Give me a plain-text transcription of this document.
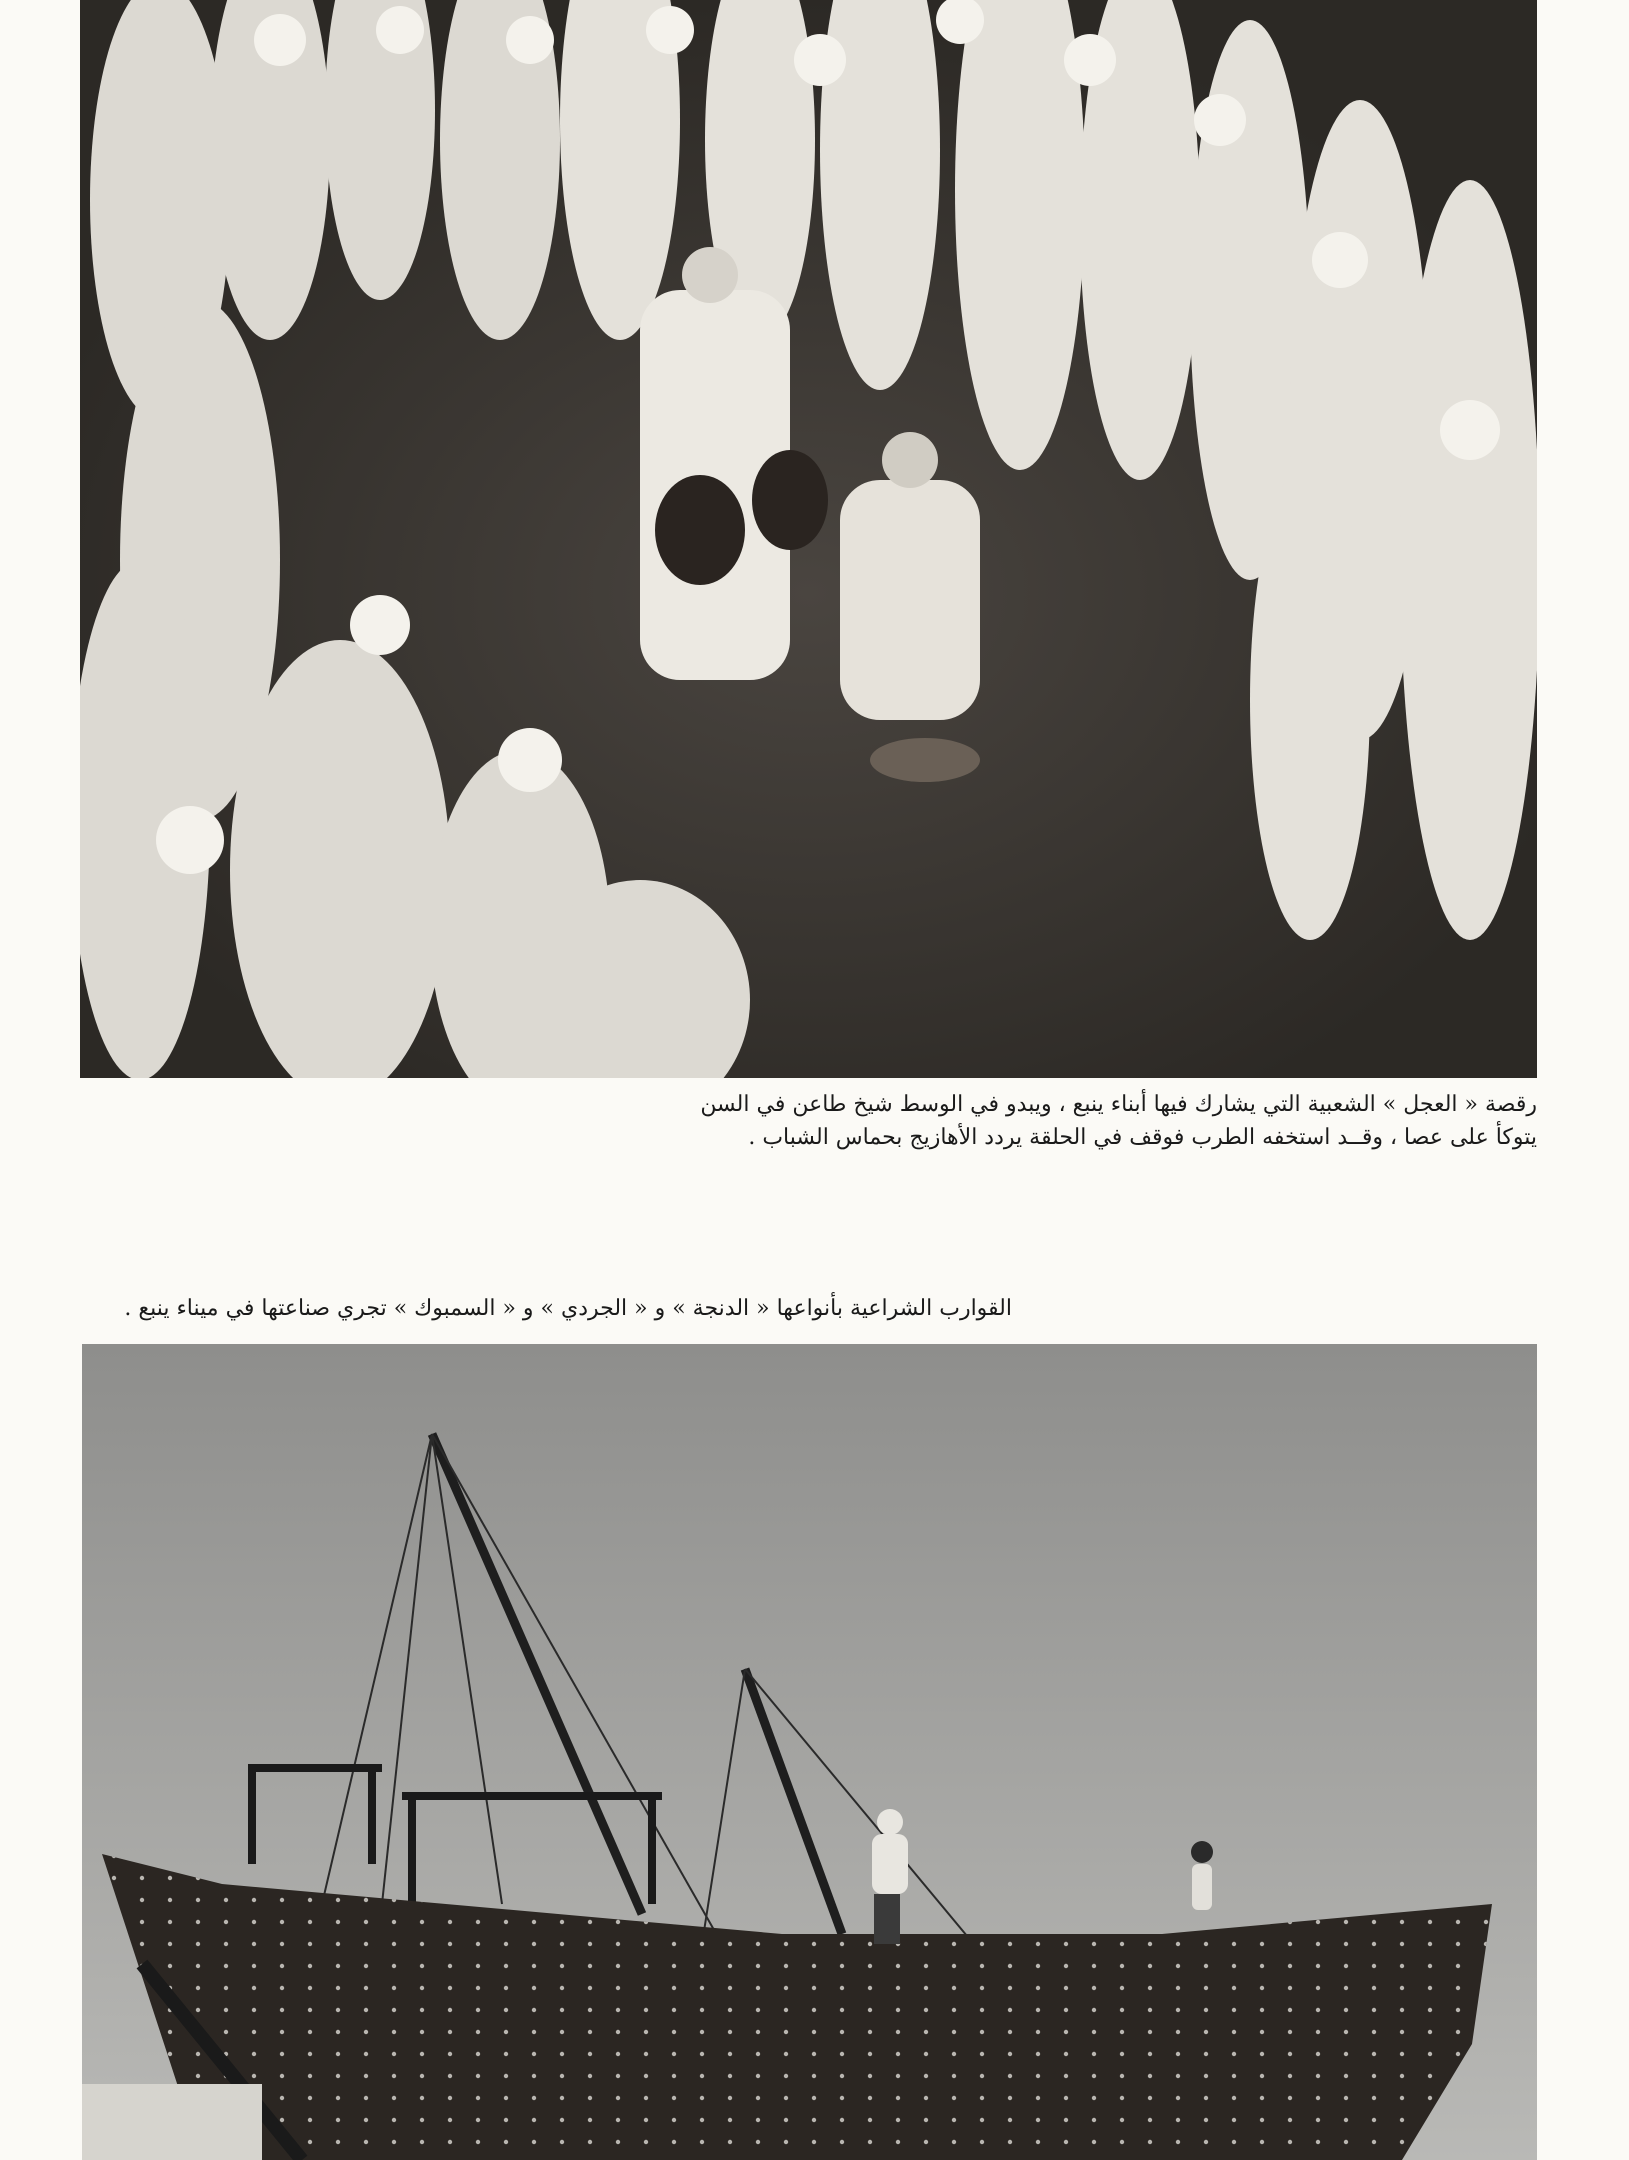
رقصة « العجل » الشعبية التي يشارك فيها أبناء ينبع ، ويبدو في الوسط شيخ طاعن في السن
يتوكأ على عصا ، وقــد استخفه الطرب فوقف في الحلقة يردد الأهازيج بحماس الشباب .
القوارب الشراعية بأنواعها « الدنجة » و « الجردي » و « السمبوك » تجري صناعتها في ميناء ينبع .
